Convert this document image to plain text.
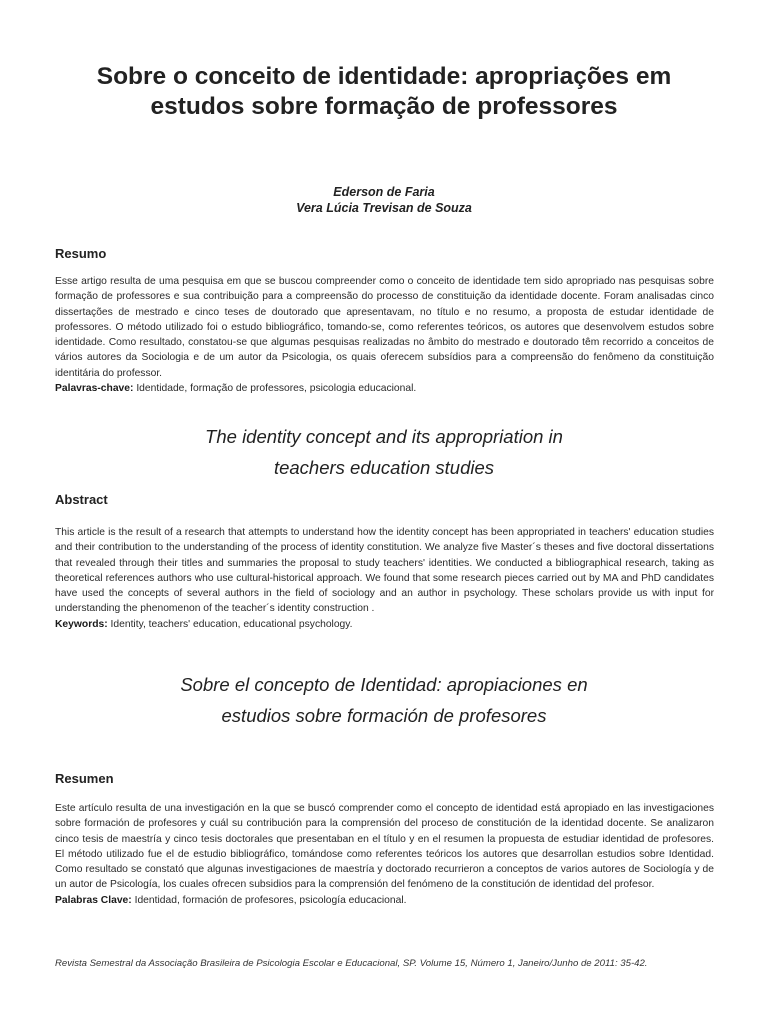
Sobre o conceito de identidade: apropriações em
estudos sobre formação de professores
Ederson de Faria
Vera Lúcia Trevisan de Souza
Resumo

Esse artigo resulta de uma pesquisa em que se buscou compreender como o conceito de identidade tem sido apropriado nas pesquisas sobre formação de professores e sua contribuição para a compreensão do processo de constituição da identidade docente. Foram analisadas cinco dissertações de mestrado e cinco teses de doutorado que apresentavam, no título e no resumo, a proposta de estudar identidade de professores. O método utilizado foi o estudo bibliográfico, tomando-se, como referentes teóricos, os autores que desenvolvem estudos sobre identidade. Como resultado, constatou-se que algumas pesquisas realizadas no âmbito do mestrado e doutorado têm recorrido a conceitos de vários autores da Sociologia e de um autor da Psicologia, os quais oferecem subsídios para a compreensão do fenômeno da constituição identitária do professor.

Palavras-chave: Identidade, formação de professores, psicologia educacional.

The identity concept and its appropriation in
teachers education studies
Abstract

This article is the result of a research that attempts to understand how the identity concept has been appropriated in teachers' education studies and their contribution to the understanding of the process of identity constitution. We analyze five Master´s theses and five doctoral dissertations that revealed through their titles and summaries the proposal to study teachers' identities. We conducted a bibliographical research, taking as theoretical references authors who use cultural-historical approach. We found that some research pieces carried out by MA and PhD candidates have used the concepts of several authors in the field of sociology and an author in psychology. These scholars provide us with input for understanding the phenomenon of the teacher´s identity construction .

Keywords: Identity, teachers' education, educational psychology.

Sobre el concepto de Identidad: apropiaciones en
estudios sobre formación de profesores
Resumen

Este artículo resulta de una investigación en la que se buscó comprender como el concepto de identidad está apropiado en las investigaciones sobre formación de profesores y cuál su contribución para la comprensión del proceso de constitución de la identidad docente. Se analizaron cinco tesis de maestría y cinco tesis doctorales que presentaban en el título y en el resumen la propuesta de estudiar identidad de profesores. El método utilizado fue el de estudio bibliográfico, tomándose como referentes teóricos los autores que desarrollan estudios sobre Identidad. Como resultado se constató que algunas investigaciones de maestría y doctorado recurrieron a conceptos de varios autores de Sociología y de un autor de Psicología, los cuales ofrecen subsidios para la comprensión del fenómeno de la constitución de identidad del profesor.

Palabras Clave: Identidad, formación de profesores, psicología educacional.

Revista Semestral da Associação Brasileira de Psicologia Escolar e Educacional, SP. Volume 15, Número 1, Janeiro/Junho de 2011: 35-42.
